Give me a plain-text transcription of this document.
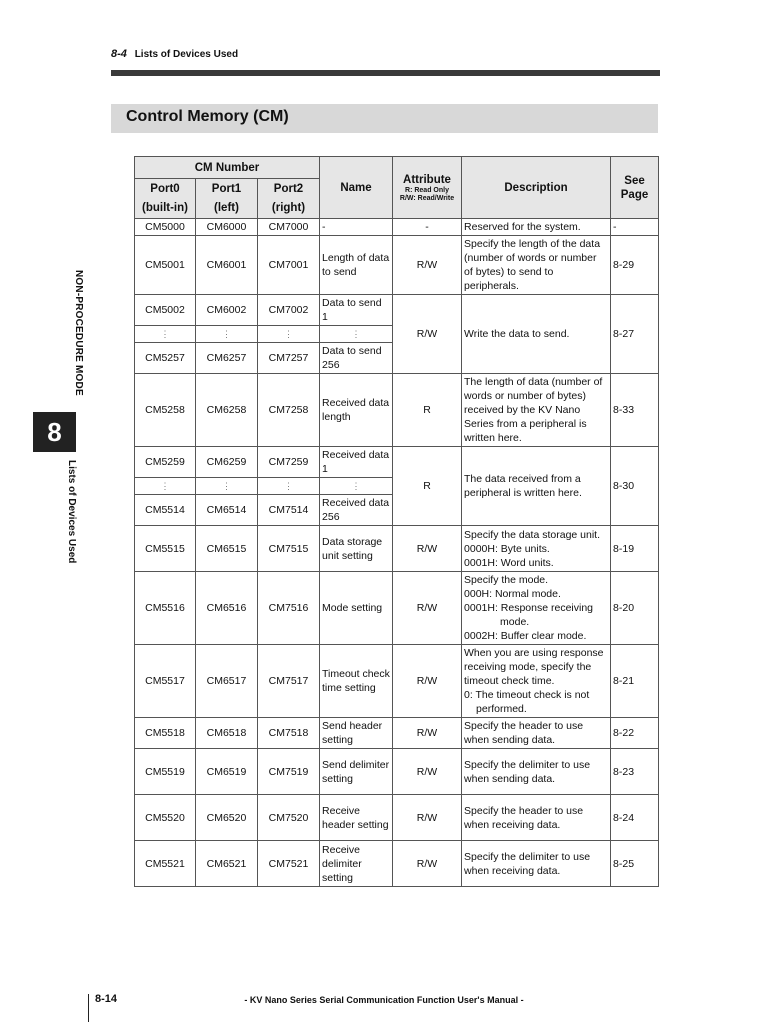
8-4 Lists of Devices Used
Control Memory (CM)
NON-PROCEDURE MODE
8
Lists of Devices Used
CM Number			Name	Attribute
R: Read Only
R/W: Read/Write	Description	See Page
Port0	Port1	Port2				
(built-in)	(left)	(right)				
CM5000	CM6000	CM7000	-	-	Reserved for the system.	-
CM5001	CM6001	CM7001	Length of data to send	R/W	Specify the length of the data (number of words or number of bytes) to send to peripherals.	8-29
CM5002	CM6002	CM7002	Data to send 1	R/W	Write the data to send.	8-27
⋮	⋮	⋮	⋮			
CM5257	CM6257	CM7257	Data to send 256			
CM5258	CM6258	CM7258	Received data length	R	The length of data (number of words or number of bytes) received by the KV Nano Series from a peripheral is written here.	8-33
CM5259	CM6259	CM7259	Received data 1	R	The data received from a peripheral is written here.	8-30
⋮	⋮	⋮	⋮			
CM5514	CM6514	CM7514	Received data 256			
CM5515	CM6515	CM7515	Data storage unit setting	R/W	Specify the data storage unit.
0000H: Byte units.
0001H: Word units.	8-19
CM5516	CM6516	CM7516	Mode setting	R/W	Specify the mode.
000H: Normal mode.
0001H: Response receiving
mode.
0002H: Buffer clear mode.	8-20
CM5517	CM6517	CM7517	Timeout check time setting	R/W	When you are using response receiving mode, specify the timeout check time.
0: The timeout check is not
performed.	8-21
CM5518	CM6518	CM7518	Send header setting	R/W	Specify the header to use when sending data.	8-22
CM5519	CM6519	CM7519	Send delimiter setting	R/W	Specify the delimiter to use when sending data.	8-23
CM5520	CM6520	CM7520	Receive header setting	R/W	Specify the header to use when receiving data.	8-24
CM5521	CM6521	CM7521	Receive delimiter setting	R/W	Specify the delimiter to use when receiving data.	8-25
8-14	- KV Nano Series Serial Communication Function User's Manual -
